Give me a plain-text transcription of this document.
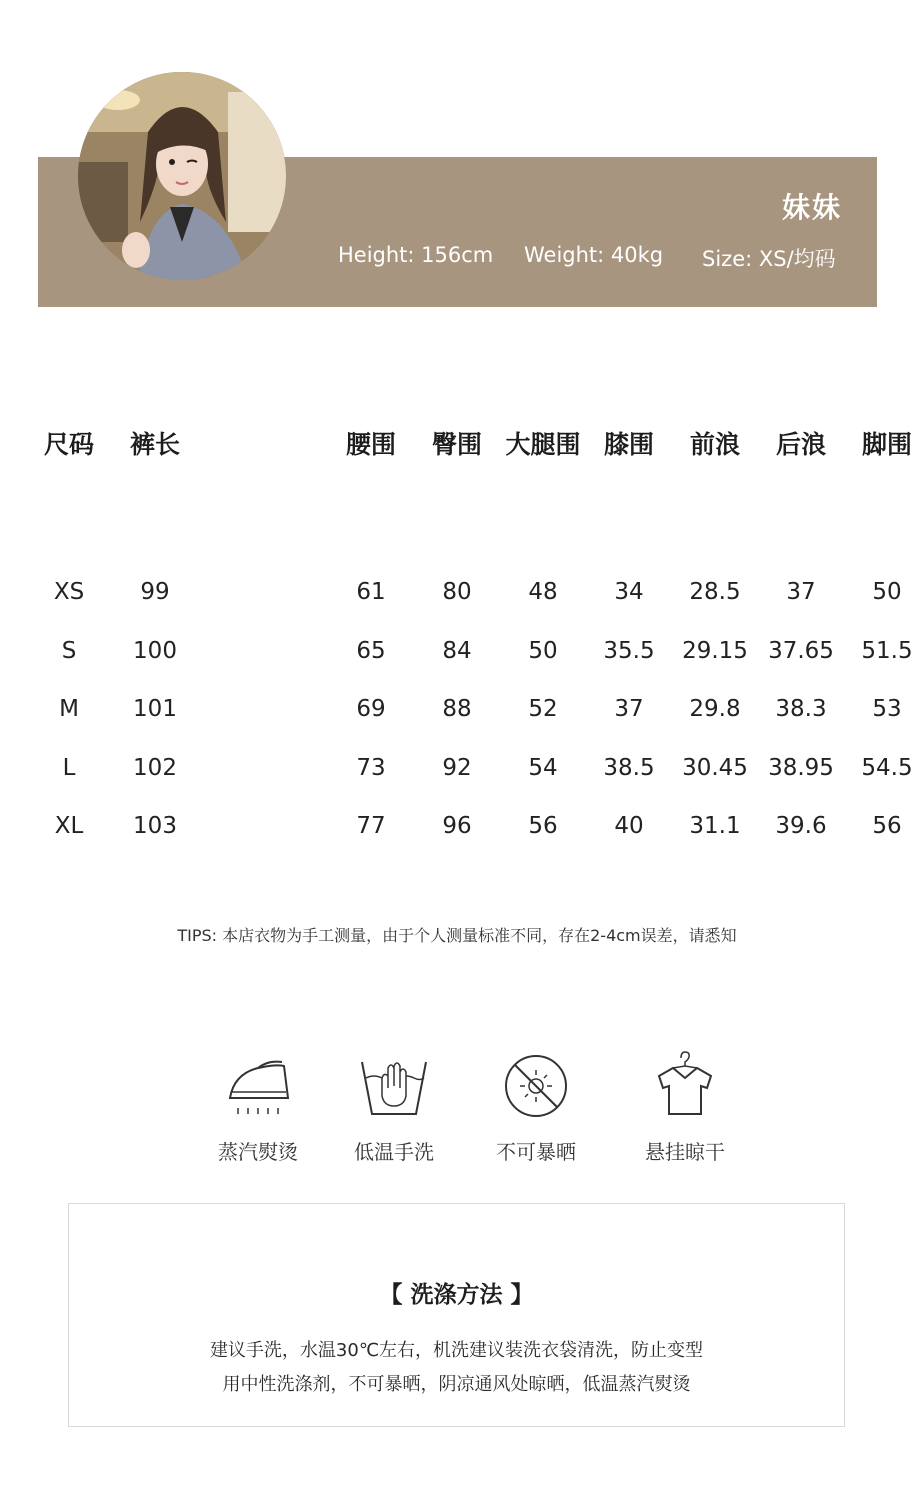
妹妹
Height: 156cm Weight: 40kg Size: XS/均码
尺码	裤长		腰围	臀围	大腿围	膝围	前浪	后浪	脚围

XS	99		61	80	48	34	28.5	37	50
S	100		65	84	50	35.5	29.15	37.65	51.5
M	101		69	88	52	37	29.8	38.3	53
L	102		73	92	54	38.5	30.45	38.95	54.5
XL	103		77	96	56	40	31.1	39.6	56
TIPS: 本店衣物为手工测量，由于个人测量标准不同，存在2-4cm误差，请悉知
蒸汽熨烫	低温手洗	不可暴晒	悬挂晾干
【 洗涤方法 】
建议手洗，水温30℃左右，机洗建议装洗衣袋清洗，防止变型
用中性洗涤剂，不可暴晒，阴凉通风处晾晒，低温蒸汽熨烫
